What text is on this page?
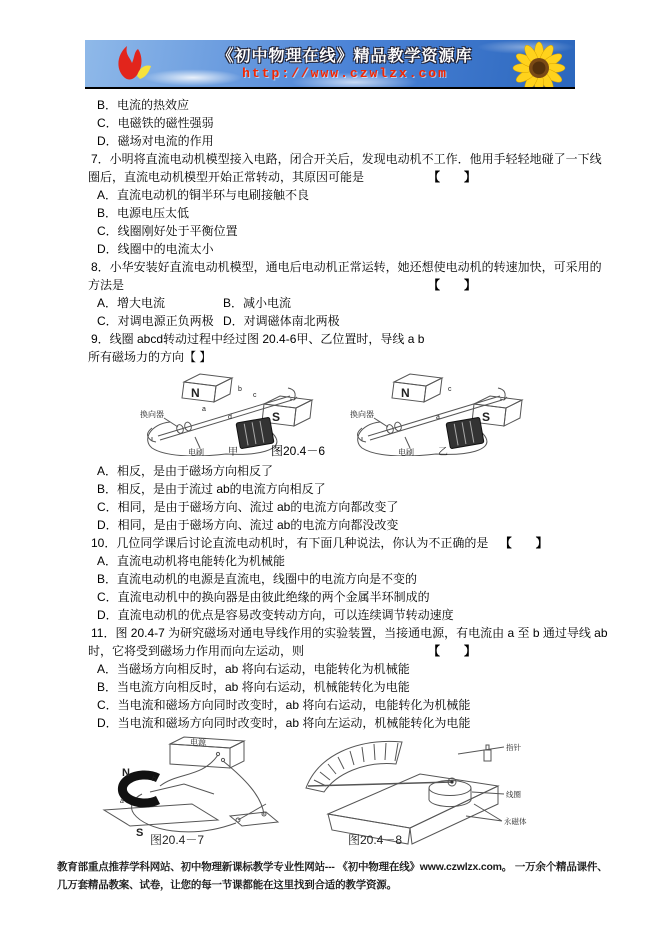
《初中物理在线》精品教学资源库
http://www.czwlzx.com
B．电流的热效应
C．电磁铁的磁性强弱
D．磁场对电流的作用
7．小明将直流电动机模型接入电路，闭合开关后，发现电动机不工作．他用手轻轻地碰了一下线
圈后，直流电动机模型开始正常转动，其原因可能是	【　　】
A．直流电动机的铜半环与电刷接触不良
B．电源电压太低
C．线圈刚好处于平衡位置
D．线圈中的电流太小
8．小华安装好直流电动机模型，通电后电动机正常运转，她还想使电动机的转速加快，可采用的
方法是	【　　】
A．增大电流	B．减小电流
C．对调电源正负两极 D．对调磁体南北两极
9．线圈 abcd转动过程中经过图 20.4-6甲、乙位置时，导线 a b
所有磁场力的方向【 】
N
S
a
b
c
d
换向器
电刷 甲
N
S
c
a
换向器
电刷 乙
图20.4－6
A．相反，是由于磁场方向相反了
B．相反，是由于流过 ab的电流方向相反了
C．相同，是由于磁场方向、流过 ab的电流方向都改变了
D．相同，是由于磁场方向、流过 ab的电流方向都没改变
10．几位同学课后讨论直流电动机时，有下面几种说法，你认为不正确的是 【　　】
A．直流电动机将电能转化为机械能
B．直流电动机的电源是直流电，线圈中的电流方向是不变的
C．直流电动机中的换向器是由彼此绝缘的两个金属半环制成的
D．直流电动机的优点是容易改变转动方向，可以连续调节转动速度
11．图 20.4-7 为研究磁场对通电导线作用的实验装置，当接通电源，有电流由 a 至 b 通过导线 ab
时，它将受到磁场力作用而向左运动，则	【　　】
A．当磁场方向相反时，ab 将向右运动，电能转化为机械能
B．当电流方向相反时，ab 将向右运动，机械能转化为电能
C．当电流和磁场方向同时改变时，ab 将向右运动，电能转化为机械能
D．当电流和磁场方向同时改变时，ab 将向左运动，机械能转化为电能
电源
N
S
b
a
图20.4－7
指针
线圈
永磁体
图20.4－8
教育部重点推荐学科网站、初中物理新课标教学专业性网站--- 《初中物理在线》www.czwlzx.com。 一万余个精品课件、
几万套精品教案、试卷，让您的每一节课都能在这里找到合适的教学资源。
